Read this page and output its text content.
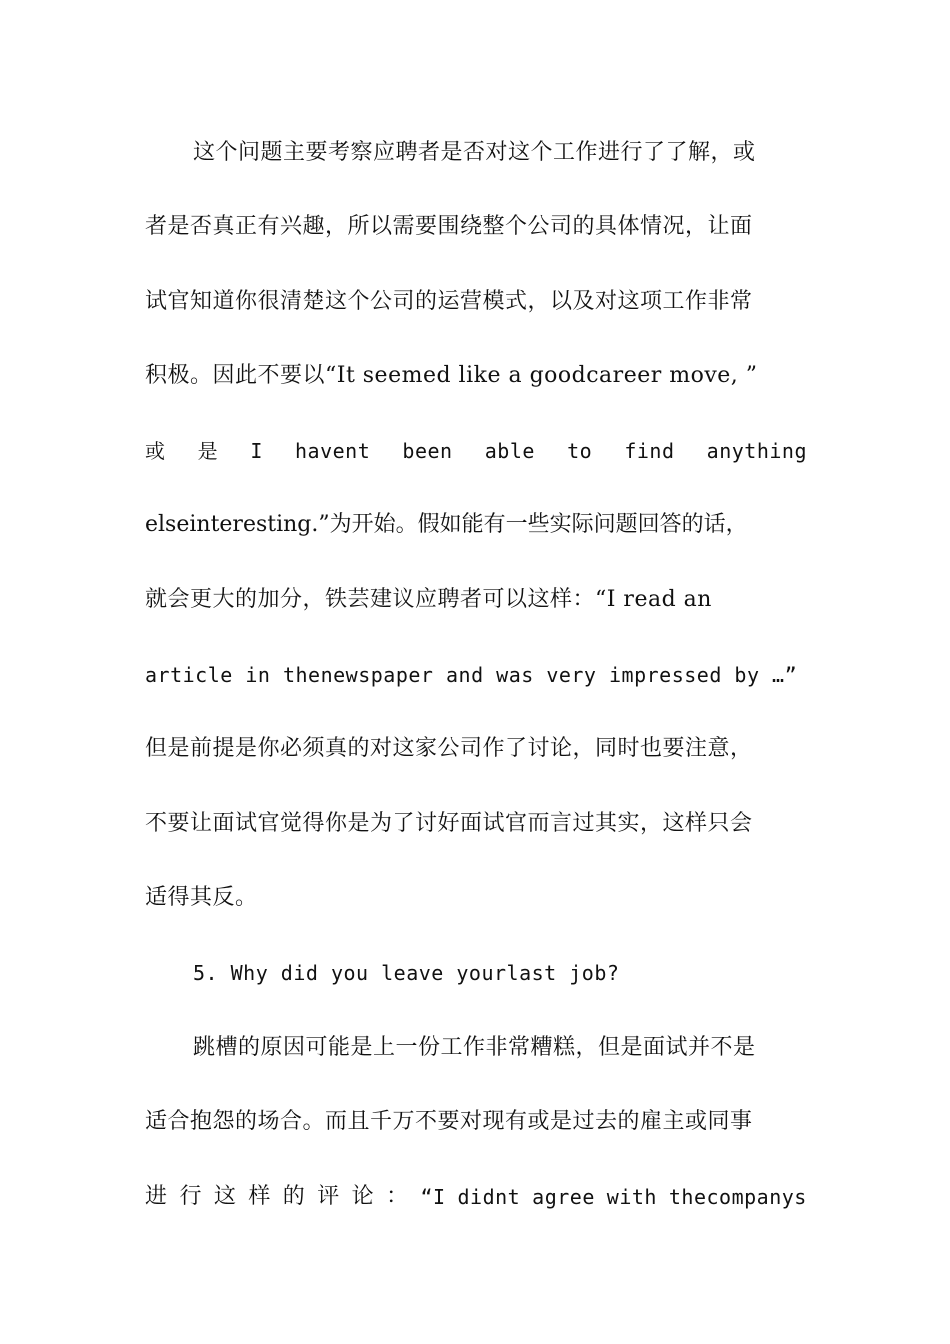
这个问题主要考察应聘者是否对这个工作进行了了解，或
者是否真正有兴趣，所以需要围绕整个公司的具体情况，让面
试官知道你很清楚这个公司的运营模式，以及对这项工作非常
积极。因此不要以“It seemed like a goodcareer move, ”
或 是 I havent been able to find anything
elseinteresting.”为开始。假如能有一些实际问题回答的话，
就会更大的加分，铁芸建议应聘者可以这样：“I read an
article in thenewspaper and was very impressed by …”
但是前提是你必须真的对这家公司作了讨论，同时也要注意，
不要让面试官觉得你是为了讨好面试官而言过其实，这样只会
适得其反。
5. Why did you leave yourlast job?
跳槽的原因可能是上一份工作非常糟糕，但是面试并不是
适合抱怨的场合。而且千万不要对现有或是过去的雇主或同事
进 行 这 样 的 评 论 ： “I didnt agree with thecompanys
